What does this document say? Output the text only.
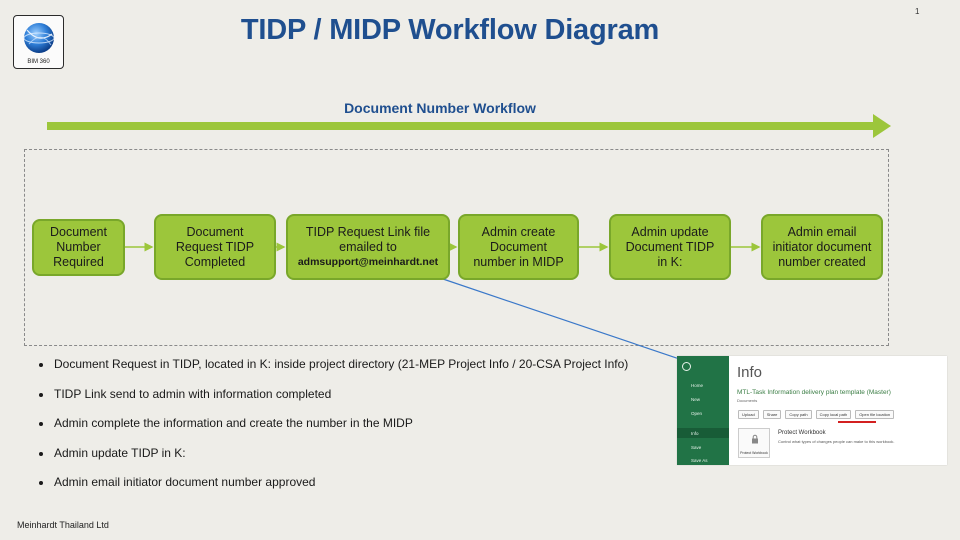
BIM 360
TIDP / MIDP Workflow Diagram
1
Document Number Workflow
Document
Number
Required
Document
Request TIDP
Completed
TIDP Request Link file
emailed to
admsupport@meinhardt.net
Admin create
Document
number in MIDP
Admin update
Document TIDP
in K:
Admin email
initiator document
number created
Document Request in TIDP, located in K: inside project directory (21-MEP Project Info / 20-CSA Project Info)
TIDP Link send to admin with information completed
Admin complete the information and create the number in the MIDP
Admin update TIDP in K:
Admin email initiator document number approved
Home
New
Open
Info
Save
Save As
Info
MTL-Task Information delivery plan template (Master)
Documents
Upload	Share	Copy path	Copy local path	Open file location
Protect Workbook
Protect Workbook
Control what types of changes people can make to this workbook.
Meinhardt Thailand Ltd
